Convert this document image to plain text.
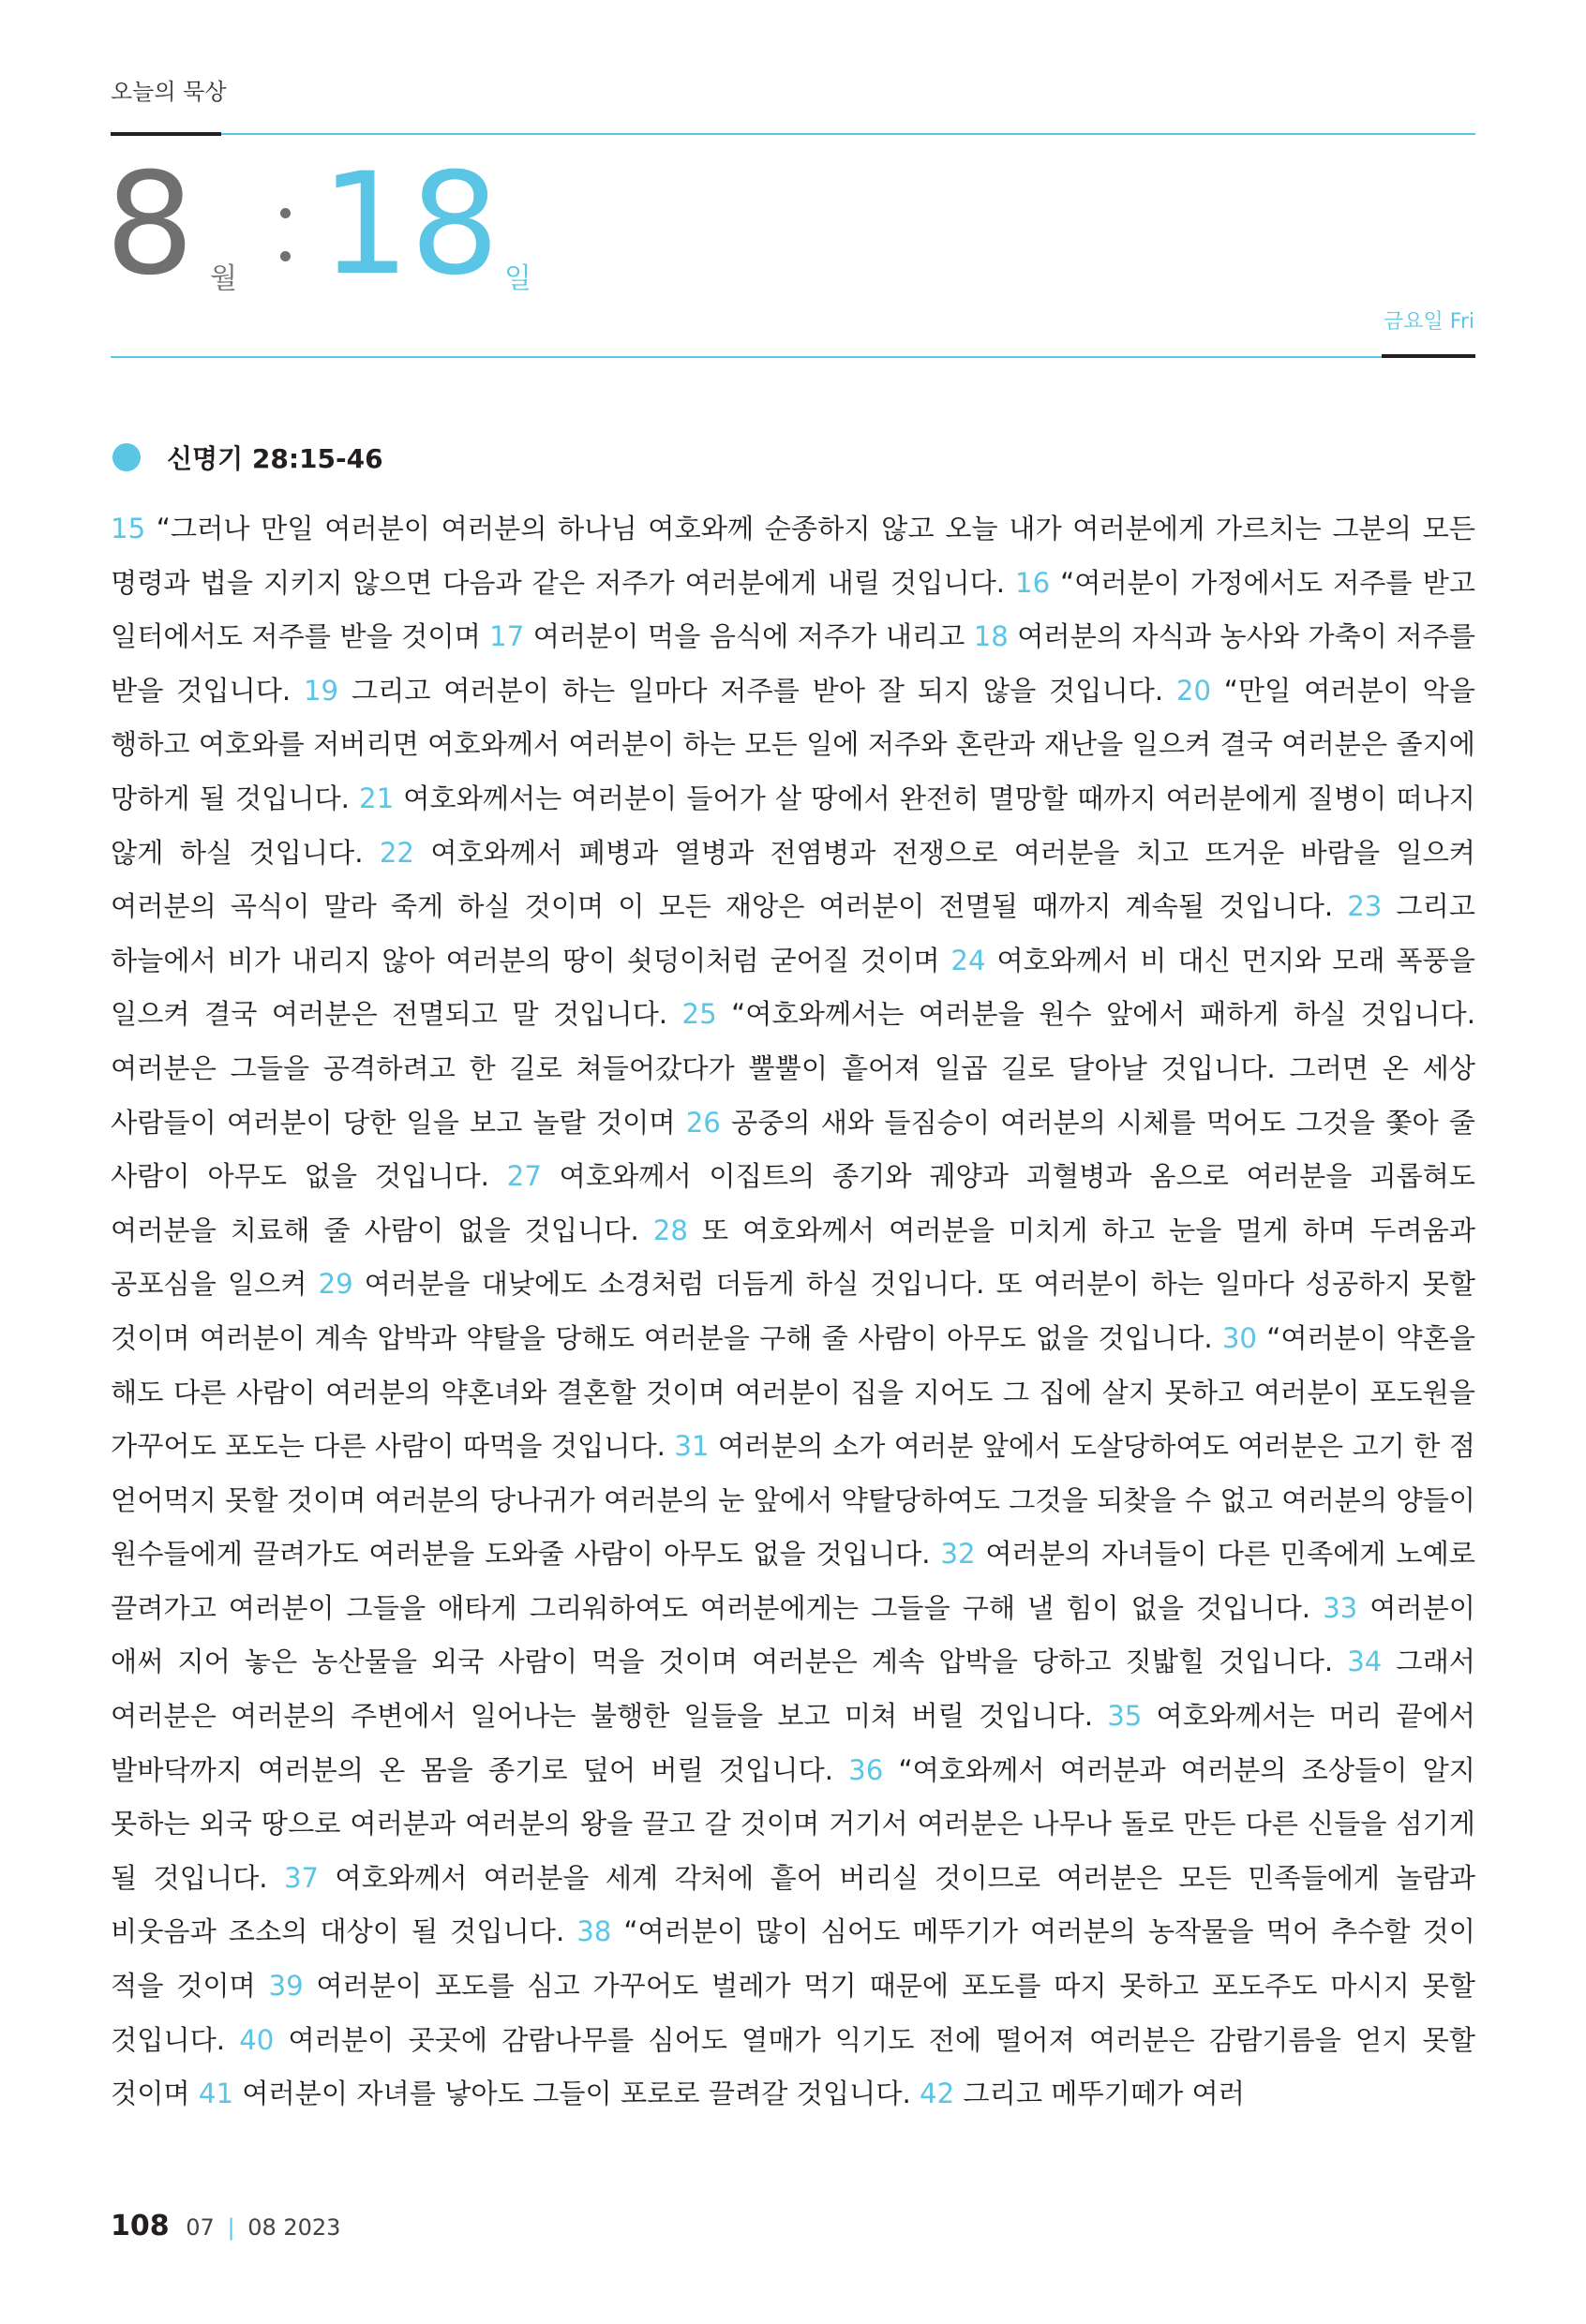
오늘의 묵상
8 월 18 일
금요일 Fri
신명기 28:15-46
15 “그러나 만일 여러분이 여러분의 하나님 여호와께 순종하지 않고 오늘 내가 여러분에게 가르치는 그분의 모든 명령과 법을 지키지 않으면 다음과 같은 저주가 여러분에게 내릴 것입니다. 16 “여러분이 가정에서도 저주를 받고 일터에서도 저주를 받을 것이며 17 여러분이 먹을 음식에 저주가 내리고 18 여러분의 자식과 농사와 가축이 저주를 받을 것입니다. 19 그리고 여러분이 하는 일마다 저주를 받아 잘 되지 않을 것입니다. 20 “만일 여러분이 악을 행하고 여호와를 저버리면 여호와께서 여러분이 하는 모든 일에 저주와 혼란과 재난을 일으켜 결국 여러분은 졸지에 망하게 될 것입니다. 21 여호와께서는 여러분이 들어가 살 땅에서 완전히 멸망할 때까지 여러분에게 질병이 떠나지 않게 하실 것입니다. 22 여호와께서 폐병과 열병과 전염병과 전쟁으로 여러분을 치고 뜨거운 바람을 일으켜 여러분의 곡식이 말라 죽게 하실 것이며 이 모든 재앙은 여러분이 전멸될 때까지 계속될 것입니다. 23 그리고 하늘에서 비가 내리지 않아 여러분의 땅이 쇳덩이처럼 굳어질 것이며 24 여호와께서 비 대신 먼지와 모래 폭풍을 일으켜 결국 여러분은 전멸되고 말 것입니다. 25 “여호와께서는 여러분을 원수 앞에서 패하게 하실 것입니다. 여러분은 그들을 공격하려고 한 길로 쳐들어갔다가 뿔뿔이 흩어져 일곱 길로 달아날 것입니다. 그러면 온 세상 사람들이 여러분이 당한 일을 보고 놀랄 것이며 26 공중의 새와 들짐승이 여러분의 시체를 먹어도 그것을 쫓아 줄 사람이 아무도 없을 것입니다. 27 여호와께서 이집트의 종기와 궤양과 괴혈병과 옴으로 여러분을 괴롭혀도 여러분을 치료해 줄 사람이 없을 것입니다. 28 또 여호와께서 여러분을 미치게 하고 눈을 멀게 하며 두려움과 공포심을 일으켜 29 여러분을 대낮에도 소경처럼 더듬게 하실 것입니다. 또 여러분이 하는 일마다 성공하지 못할 것이며 여러분이 계속 압박과 약탈을 당해도 여러분을 구해 줄 사람이 아무도 없을 것입니다. 30 “여러분이 약혼을 해도 다른 사람이 여러분의 약혼녀와 결혼할 것이며 여러분이 집을 지어도 그 집에 살지 못하고 여러분이 포도원을 가꾸어도 포도는 다른 사람이 따먹을 것입니다. 31 여러분의 소가 여러분 앞에서 도살당하여도 여러분은 고기 한 점 얻어먹지 못할 것이며 여러분의 당나귀가 여러분의 눈 앞에서 약탈당하여도 그것을 되찾을 수 없고 여러분의 양들이 원수들에게 끌려가도 여러분을 도와줄 사람이 아무도 없을 것입니다. 32 여러분의 자녀들이 다른 민족에게 노예로 끌려가고 여러분이 그들을 애타게 그리워하여도 여러분에게는 그들을 구해 낼 힘이 없을 것입니다. 33 여러분이 애써 지어 놓은 농산물을 외국 사람이 먹을 것이며 여러분은 계속 압박을 당하고 짓밟힐 것입니다. 34 그래서 여러분은 여러분의 주변에서 일어나는 불행한 일들을 보고 미쳐 버릴 것입니다. 35 여호와께서는 머리 끝에서 발바닥까지 여러분의 온 몸을 종기로 덮어 버릴 것입니다. 36 “여호와께서 여러분과 여러분의 조상들이 알지 못하는 외국 땅으로 여러분과 여러분의 왕을 끌고 갈 것이며 거기서 여러분은 나무나 돌로 만든 다른 신들을 섬기게 될 것입니다. 37 여호와께서 여러분을 세계 각처에 흩어 버리실 것이므로 여러분은 모든 민족들에게 놀람과 비웃음과 조소의 대상이 될 것입니다. 38 “여러분이 많이 심어도 메뚜기가 여러분의 농작물을 먹어 추수할 것이 적을 것이며 39 여러분이 포도를 심고 가꾸어도 벌레가 먹기 때문에 포도를 따지 못하고 포도주도 마시지 못할 것입니다. 40 여러분이 곳곳에 감람나무를 심어도 열매가 익기도 전에 떨어져 여러분은 감람기름을 얻지 못할 것이며 41 여러분이 자녀를 낳아도 그들이 포로로 끌려갈 것입니다. 42 그리고 메뚜기떼가 여러
108 07 | 08 2023
